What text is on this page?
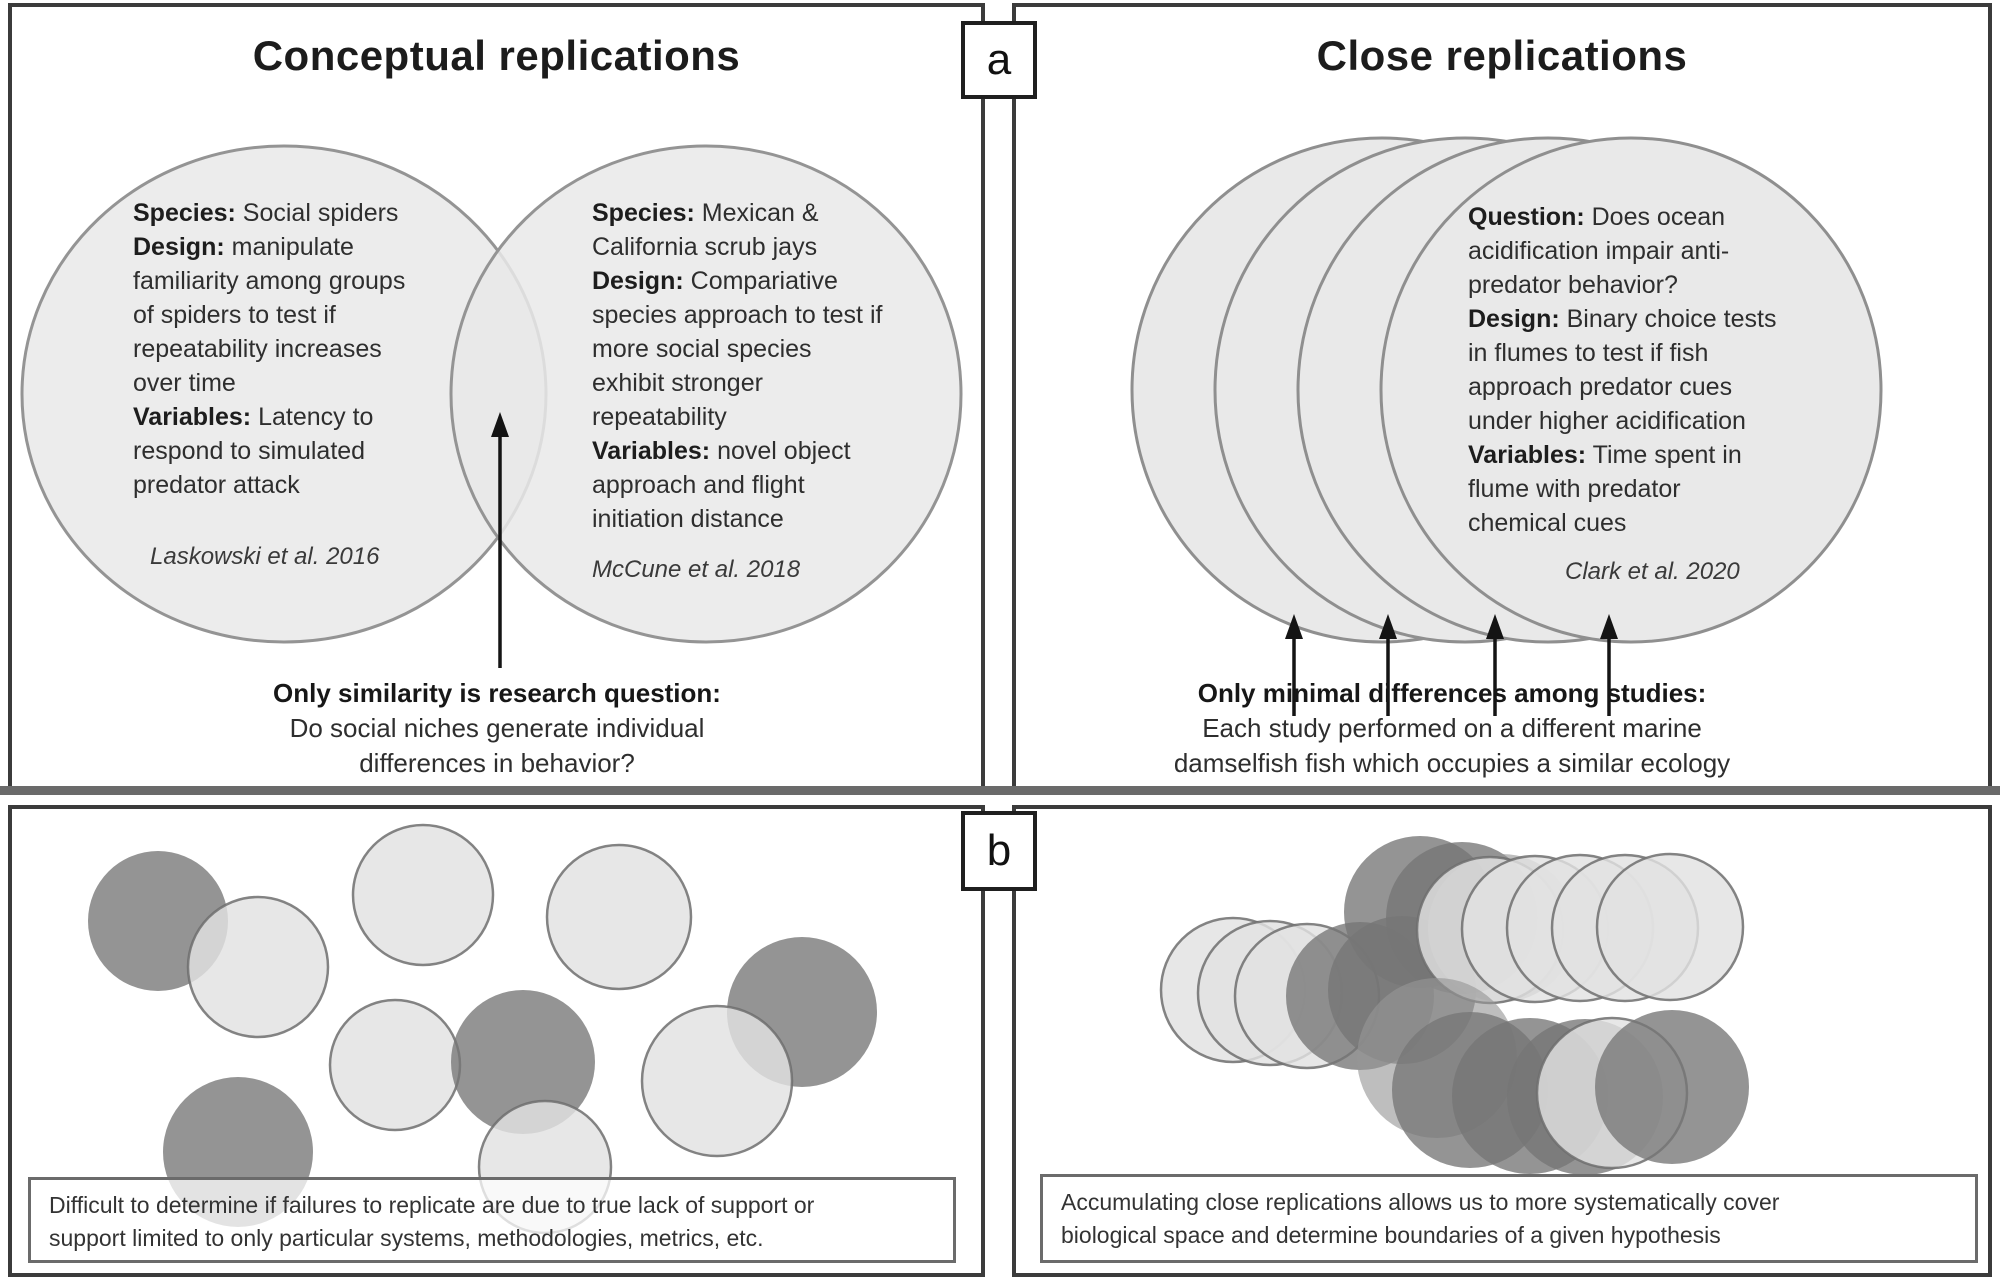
Conceptual replications	Close replications
Species: Social spiders
Design: manipulate
familiarity among groups
of spiders to test if
repeatability increases
over time
Variables: Latency to
respond to simulated
predator attack
Laskowski et al. 2016
Species: Mexican &
California scrub jays
Design: Compariative
species approach to test if
more social species
exhibit stronger
repeatability
Variables: novel object
approach and flight
initiation distance
McCune et al. 2018
Question: Does ocean
acidification impair anti-
predator behavior?
Design: Binary choice tests
in flumes to test if fish
approach predator cues
under higher acidification
Variables: Time spent in
flume with predator
chemical cues
Clark et al. 2020
Only similarity is research question:
Do social niches generate individual
differences in behavior?
Only minimal differences among studies:
Each study performed on a different marine
damselfish fish which occupies a similar ecology
Difficult to determine if failures to replicate are due to true lack of support or
support limited to only particular systems, methodologies, metrics, etc.
Accumulating close replications allows us to more systematically cover
biological space and determine boundaries of a given hypothesis
a
b
